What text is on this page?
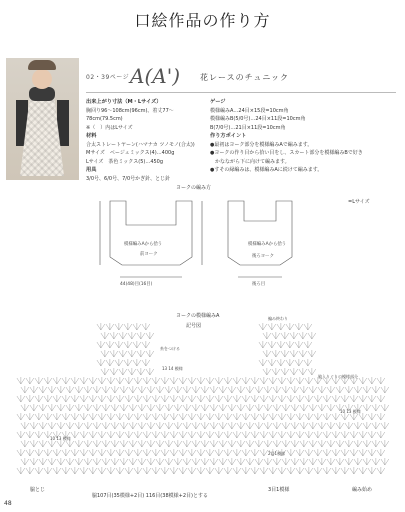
口絵作品の作り方
02・39ページ A(A')	花レースのチュニック
出来上がり寸法（M・Lサイズ）
胸回り96～108cm(96cm)、着丈77～78cm(79.5cm)
※（　）内はLサイズ
材料
合太ストレートヤーン(ハマナカ ツノモノ(合太))
Mサイズ　ベージュミックス(4)…400g
Lサイズ　茶色ミックス(5)…450g
用具
3/0号、6/0号、7/0号かぎ針、とじ針
ゲージ
模様編みA…24目×15段=10cm角
模様編みB(5/0号)…24目×11段=10cm角
B(7/0号)…21目×11段=10cm角
作り方ポイント
●最初はヨーク部分を模様編みAで編みます。
●ヨークの作り目から拾い目をし、スカート部分を模様編みBで好き
　かなながら下に向けて編みます。
●すその縁編みは、模様編みAに続けて編みます。
ヨークの編み方
=Lサイズ
前ヨーク
模様編みAから拾う	模様編みAから拾う
後ろヨーク
44(48)目(16目)	後ろ目
ヨークの模様編みA
記号図
糸をつける
13 14 模様
10 13 模様
10 13 模様
2目1模様
編み終わり
脇入りぐりの模様部分
脇とじ
脇107目(35模様+2目) 116目(38模様+2目)とする
3目1模様	編み始め
48
